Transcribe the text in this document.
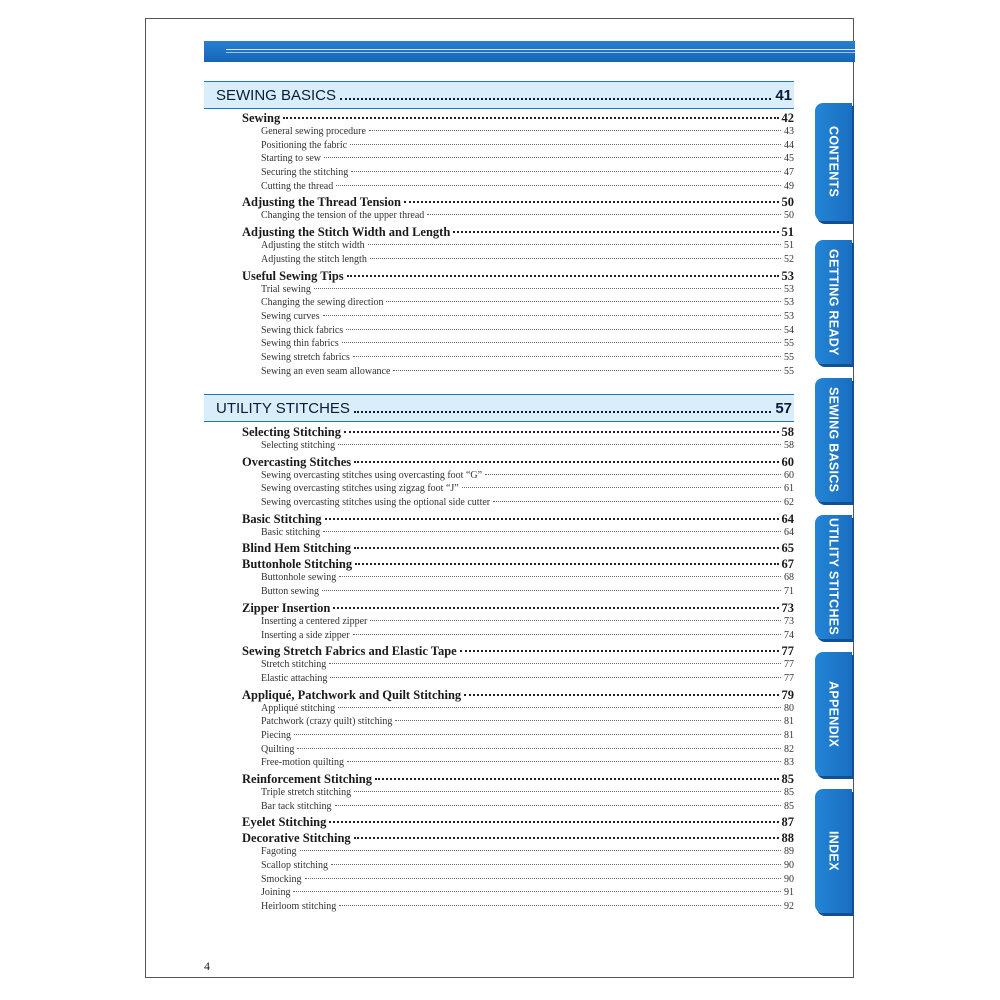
SEWING BASICS	41
Sewing	42
General sewing procedure	43
Positioning the fabric	44
Starting to sew	45
Securing the stitching	47
Cutting the thread	49
Adjusting the Thread Tension	50
Changing the tension of the upper thread	50
Adjusting the Stitch Width and Length	51
Adjusting the stitch width	51
Adjusting the stitch length	52
Useful Sewing Tips	53
Trial sewing	53
Changing the sewing direction	53
Sewing curves	53
Sewing thick fabrics	54
Sewing thin fabrics	55
Sewing stretch fabrics	55
Sewing an even seam allowance	55
UTILITY STITCHES	57
Selecting Stitching	58
Selecting stitching	58
Overcasting Stitches	60
Sewing overcasting stitches using overcasting foot “G”	60
Sewing overcasting stitches using zigzag foot “J”	61
Sewing overcasting stitches using the optional side cutter	62
Basic Stitching	64
Basic stitching	64
Blind Hem Stitching	65
Buttonhole Stitching	67
Buttonhole sewing	68
Button sewing	71
Zipper Insertion	73
Inserting a centered zipper	73
Inserting a side zipper	74
Sewing Stretch Fabrics and Elastic Tape	77
Stretch stitching	77
Elastic attaching	77
Appliqué, Patchwork and Quilt Stitching	79
Appliqué stitching	80
Patchwork (crazy quilt) stitching	81
Piecing	81
Quilting	82
Free-motion quilting	83
Reinforcement Stitching	85
Triple stretch stitching	85
Bar tack stitching	85
Eyelet Stitching	87
Decorative Stitching	88
Fagoting	89
Scallop stitching	90
Smocking	90
Joining	91
Heirloom stitching	92
4
CONTENTS
GETTING READY
SEWING BASICS
UTILITY STITCHES
APPENDIX
INDEX
